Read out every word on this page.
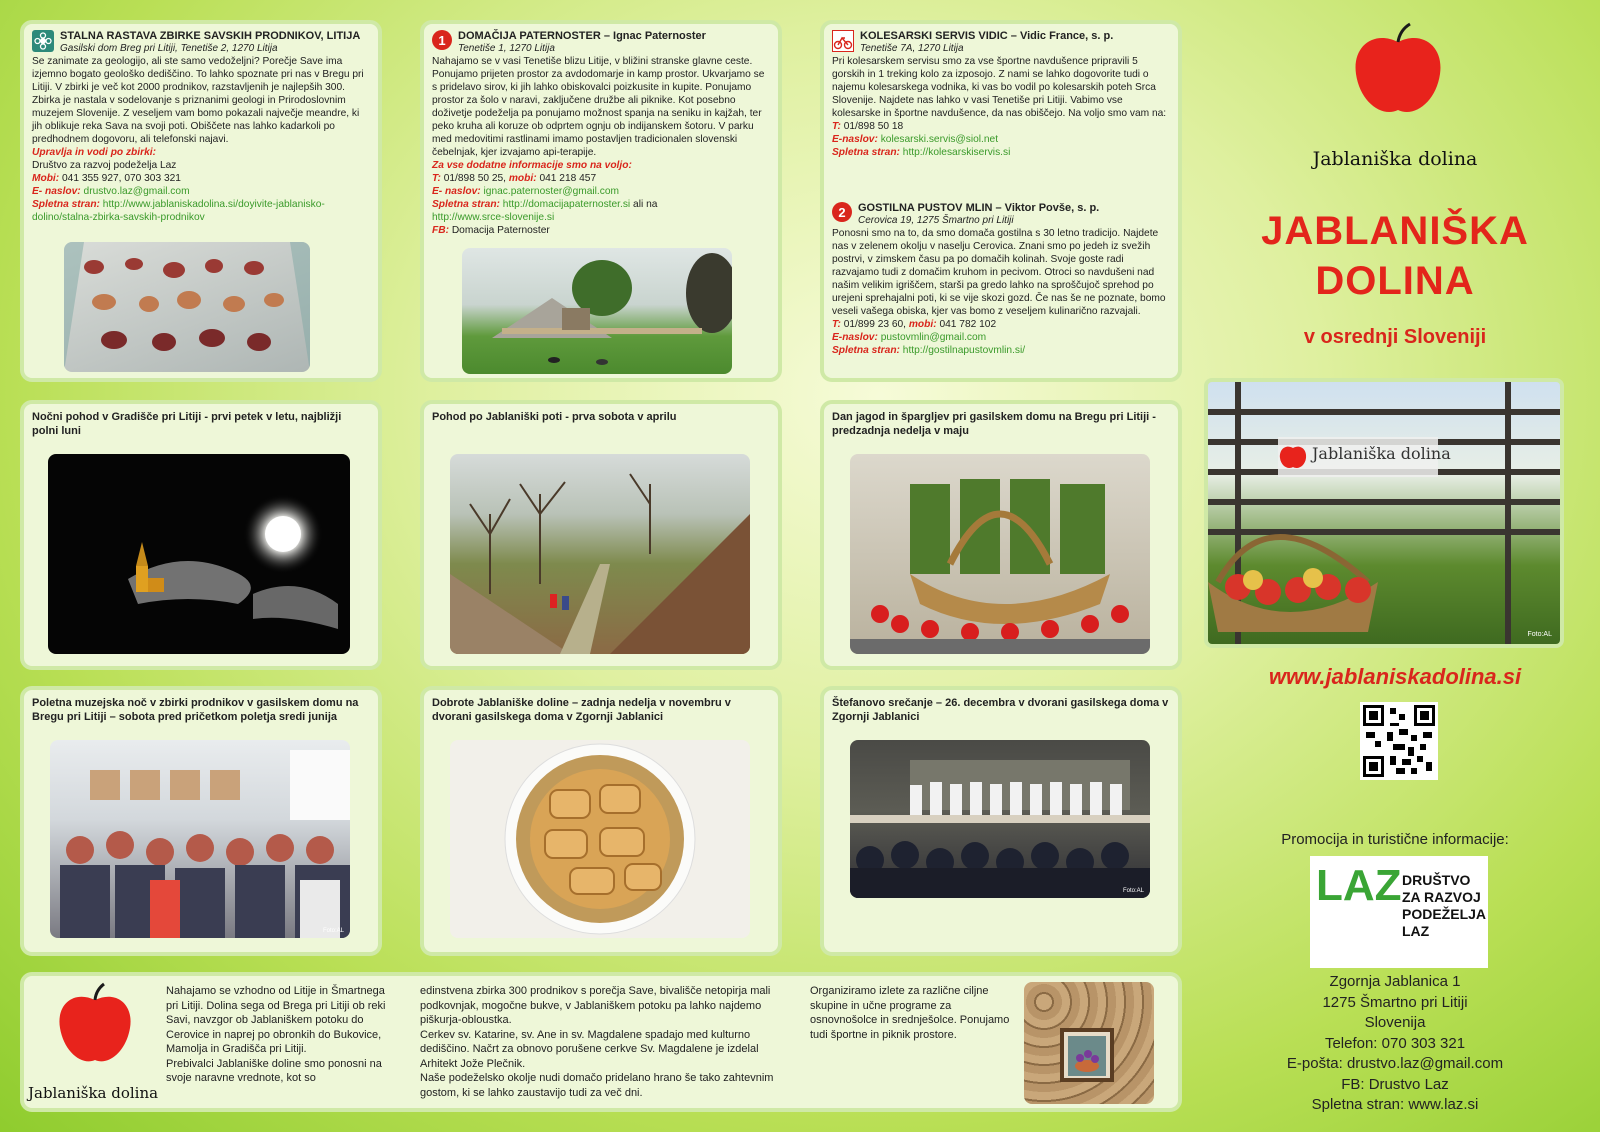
STALNA RASTAVA ZBIRKE SAVSKIH PRODNIKOV, LITIJA
Gasilski dom Breg pri Litiji, Tenetiše 2, 1270 Litija

Se zanimate za geologijo, ali ste samo vedoželjni? Porečje Save ima izjemno bogato geološko dediščino. To lahko spoznate pri nas v Bregu pri Litiji. V zbirki je več kot 2000 prodnikov, razstavljenih je najlepših 300. Zbirka je nastala v sodelovanje s priznanimi geologi in Prirodoslovnim muzejem Slovenije. Z veseljem vam bomo pokazali največje meandre, ki jih oblikuje reka Sava na svoji poti. Obiščete nas lahko kadarkoli po predhodnem dogovoru, ali telefonski najavi.

Upravlja in vodi po zbirki:
Društvo za razvoj podeželja Laz
Mobi: 041 355 927, 070 303 321
E- naslov: drustvo.laz@gmail.com
Spletna stran: http://www.jablaniskadolina.si/doyivite-jablanisko-dolino/stalna-zbirka-savskih-prodnikov
1	DOMAČIJA PATERNOSTER – Ignac Paternoster
Tenetiše 1, 1270 Litija

Nahajamo se v vasi Tenetiše blizu Litije, v bližini stranske glavne ceste. Ponujamo prijeten prostor za avdodomarje in kamp prostor. Ukvarjamo se s pridelavo sirov, ki jih lahko obiskovalci poizkusite in kupite. Ponujamo prostor za šolo v naravi, zaključene družbe ali piknike. Kot posebno doživetje podeželja pa ponujamo možnost spanja na seniku in kajžah, ter peko kruha ali koruze ob odprtem ognju ob indijanskem šotoru. V parku med medovitimi rastlinami imamo postavljen tradicionalen slovenski čebelnjak, kjer izvajamo api-terapije.

Za vse dodatne informacije smo na voljo:
T: 01/898 50 25, mobi: 041 218 457
E- naslov: ignac.paternoster@gmail.com
Spletna stran: http://domacijapaternoster.si ali na
http://www.srce-slovenije.si
FB: Domacija Paternoster
KOLESARSKI SERVIS VIDIC – Vidic France, s. p.
Tenetiše 7A, 1270 Litija

Pri kolesarskem servisu smo za vse športne navdušence pripravili 5 gorskih in 1 treking kolo za izposojo. Z nami se lahko dogovorite tudi o najemu kolesarskega vodnika, ki vas bo vodil po kolesarskih poteh Srca Slovenije. Najdete nas lahko v vasi Tenetiše pri Litiji. Vabimo vse kolesarske in športne navdušence, da nas obiščejo. Na voljo smo vam na:

T: 01/898 50 18
E-naslov: kolesarski.servis@siol.net
Spletna stran: http://kolesarskiservis.si
2	GOSTILNA PUSTOV MLIN – Viktor Povše, s. p.
Cerovica 19, 1275 Šmartno pri Litiji

Ponosni smo na to, da smo domača gostilna s 30 letno tradicijo. Najdete nas v zelenem okolju v naselju Cerovica. Znani smo po jedeh iz svežih postrvi, v zimskem času pa po domačih kolinah. Svoje goste radi razvajamo tudi z domačim kruhom in pecivom. Otroci so navdušeni nad našim velikim igriščem, starši pa gredo lahko na sproščujoč sprehod po urejeni sprehajalni poti, ki se vije skozi gozd. Če nas še ne poznate, bomo veseli vašega obiska, kjer vas bomo z veseljem kulinarično razvajali.

T: 01/899 23 60, mobi: 041 782 102
E-naslov: pustovmlin@gmail.com
Spletna stran: http://gostilnapustovmlin.si/
Nočni pohod v Gradišče pri Litiji - prvi petek v letu, najbližji polni luni
Pohod po Jablaniški poti - prva sobota v aprilu	Dan jagod in špargljev pri gasilskem domu na Bregu pri Litiji - predzadnja nedelja v maju
Poletna muzejska noč v zbirki prodnikov v gasilskem domu na Bregu pri Litiji – sobota pred pričetkom poletja sredi junija
Foto:AL
Dobrote Jablaniške doline – zadnja nedelja v novembru v dvorani gasilskega doma v Zgornji Jablanici
Štefanovo srečanje – 26. decembra v dvorani gasilskega doma v Zgornji Jablanici
Foto:AL
Jablaniška dolina

Nahajamo se vzhodno od Litije in Šmartnega pri Litiji. Dolina sega od Brega pri Litiji ob reki Savi, navzgor ob Jablaniškem potoku do Cerovice in naprej po obronkih do Bukovice, Mamolja in Gradišča pri Litiji.

Prebivalci Jablaniške doline smo ponosni na svoje naravne vrednote, kot so

edinstvena zbirka 300 prodnikov s porečja Save, bivališče netopirja mali podkovnjak, mogočne bukve, v Jablaniškem potoku pa lahko najdemo piškurja-obloustka.

Cerkev sv. Katarine, sv. Ane in sv. Magdalene spadajo med kulturno dediščino. Načrt za obnovo porušene cerkve Sv. Magdalene je izdelal Arhitekt Jože Plečnik.

Naše podeželsko okolje nudi domačo pridelano hrano še tako zahtevnim gostom, ki se lahko zaustavijo tudi za več dni.

Organiziramo izlete za različne ciljne skupine in učne programe za osnovnošolce in srednješolce. Ponujamo tudi športne in piknik prostore.

Jablaniška dolina
JABLANIŠKA
DOLINA
v osrednji Sloveniji
Jablaniška dolina
Foto:AL
www.jablaniskadolina.si
Promocija in turistične informacije:
LAZ DRUŠTVO
ZA RAZVOJ
PODEŽELJA
LAZ
Zgornja Jablanica 1
1275 Šmartno pri Litiji
Slovenija
Telefon: 070 303 321
E-pošta: drustvo.laz@gmail.com
FB: Drustvo Laz
Spletna stran: www.laz.si
